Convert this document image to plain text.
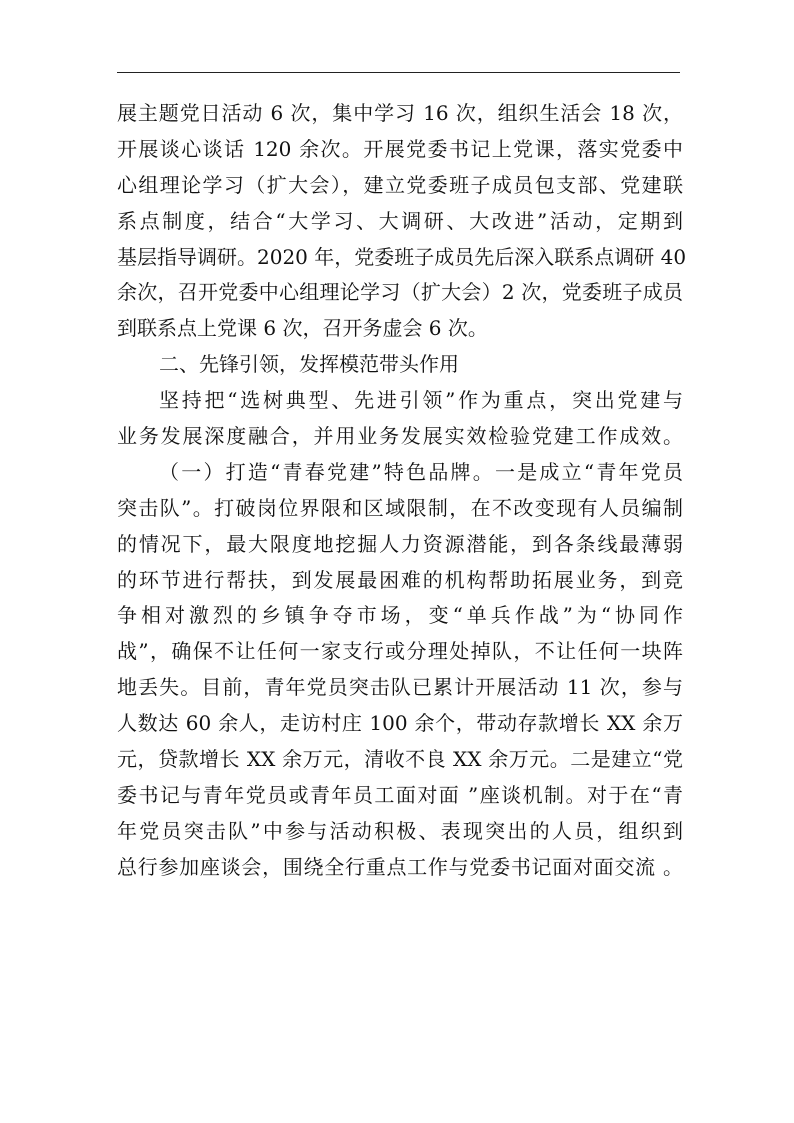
展主题党日活动 6 次，集中学习 16 次，组织生活会 18 次，
开展谈心谈话 120 余次。开展党委书记上党课，落实党委中
心组理论学习（扩大会），建立党委班子成员包支部、党建联
系点制度，结合“大学习、大调研、大改进”活动，定期到
基层指导调研。2020 年，党委班子成员先后深入联系点调研 40
余次，召开党委中心组理论学习（扩大会）2 次，党委班子成员
到联系点上党课 6 次，召开务虚会 6 次。
二、先锋引领，发挥模范带头作用
坚持把“选树典型、先进引领”作为重点，突出党建与
业务发展深度融合，并用业务发展实效检验党建工作成效。
（一）打造“青春党建”特色品牌。一是成立“青年党员
突击队”。打破岗位界限和区域限制，在不改变现有人员编制
的情况下，最大限度地挖掘人力资源潜能，到各条线最薄弱
的环节进行帮扶，到发展最困难的机构帮助拓展业务，到竞
争相对激烈的乡镇争夺市场，变“单兵作战”为“协同作
战”，确保不让任何一家支行或分理处掉队，不让任何一块阵
地丢失。目前，青年党员突击队已累计开展活动 11 次，参与
人数达 60 余人，走访村庄 100 余个，带动存款增长 XX 余万
元，贷款增长 XX 余万元，清收不良 XX 余万元。二是建立“党
委书记与青年党员或青年员工面对面 ”座谈机制。对于在“青
年党员突击队”中参与活动积极、表现突出的人员，组织到
总行参加座谈会，围绕全行重点工作与党委书记面对面交流 。
